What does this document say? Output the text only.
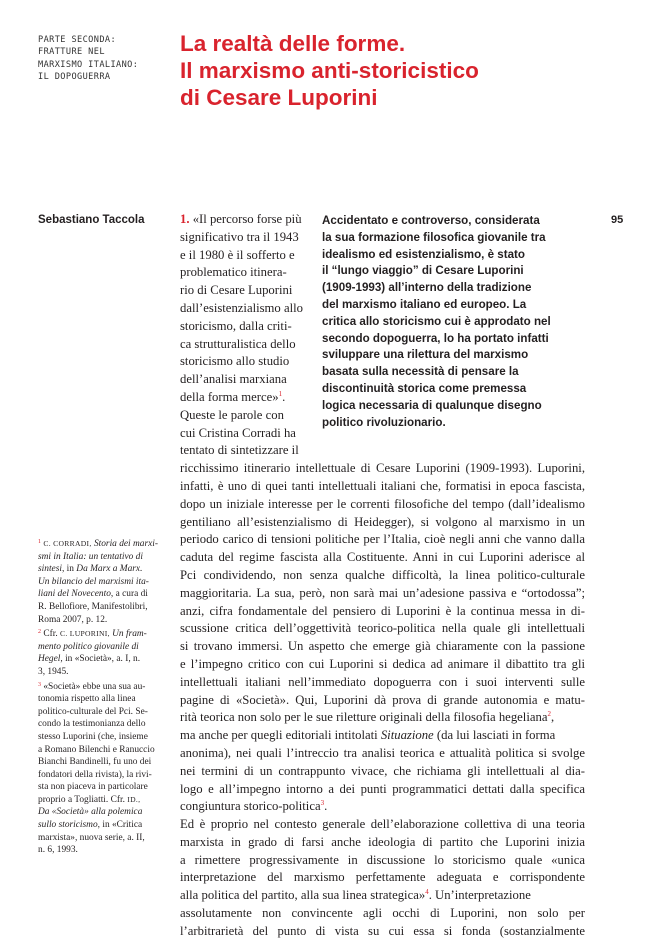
PARTE SECONDA:
FRATTURE NEL
MARXISMO ITALIANO:
IL DOPOGUERRA
La realtà delle forme.
Il marxismo anti-storicistico
di Cesare Luporini
Sebastiano Taccola	95
Accidentato e controverso, considerata
la sua formazione filosofica giovanile tra
idealismo ed esistenzialismo, è stato
il “lungo viaggio” di Cesare Luporini
(1909-1993) all’interno della tradizione
del marxismo italiano ed europeo. La
critica allo storicismo cui è approdato nel
secondo dopoguerra, lo ha portato infatti
sviluppare una rilettura del marxismo
basata sulla necessità di pensare la
discontinuità storica come premessa
logica necessaria di qualunque disegno
politico rivoluzionario.
1. «Il percorso forse più
significativo tra il 1943
e il 1980 è il sofferto e
problematico itinera-
rio di Cesare Luporini
dall’esistenzialismo allo
storicismo, dalla criti-
ca strutturalistica dello
storicismo allo studio
dell’analisi marxiana
della forma merce»$^1$.
Queste le parole con
cui Cristina Corradi ha
tentato di sintetizzare il
ricchissimo itinerario intellettuale di Cesare Luporini (1909-1993). Luporini,
infatti, è uno di quei tanti intellettuali italiani che, formatisi in epoca fascista,
dopo un iniziale interesse per le correnti filosofiche del tempo (dall’idealismo
gentiliano all’esistenzialismo di Heidegger), si volgono al marxismo in un
periodo carico di tensioni politiche per l’Italia, cioè negli anni che vanno dalla
caduta del regime fascista alla Costituente. Anni in cui Luporini aderisce al
Pci condividendo, non senza qualche difficoltà, la linea politico-culturale
maggioritaria. La sua, però, non sarà mai un’adesione passiva e “ortodossa”;
anzi, cifra fondamentale del pensiero di Luporini è la continua messa in di-
scussione critica dell’oggettività teorico-politica nella quale gli intellettuali
si trovano immersi. Un aspetto che emerge già chiaramente con la passione
e l’impegno critico con cui Luporini si dedica ad animare il dibattito tra gli
intellettuali italiani nell’immediato dopoguerra con i suoi interventi sulle
pagine di «Società». Qui, Luporini dà prova di grande autonomia e matu-
rità teorica non solo per le sue riletture originali della filosofia hegeliana$^2$,
ma anche per quegli editoriali intitolati Situazione (da lui lasciati in forma
anonima), nei quali l’intreccio tra analisi teorica e attualità politica si svolge
nei termini di un contrappunto vivace, che richiama gli intellettuali al dia-
logo e all’impegno intorno a dei punti programmatici dettati dalla specifica
congiuntura storico-politica$^3$.
Ed è proprio nel contesto generale dell’elaborazione collettiva di una teoria
marxista in grado di farsi anche ideologia di partito che Luporini inizia
a rimettere progressivamente in discussione lo storicismo quale «unica
interpretazione del marxismo perfettamente adeguata e corrispondente
alla politica del partito, alla sua linea strategica»$^4$. Un’interpretazione
assolutamente non convincente agli occhi di Luporini, non solo per
l’arbitrarietà del punto di vista su cui essa si fonda (sostanzialmente
$^1$ C. CORRADI, Storia dei marxi-
smi in Italia: un tentativo di
sintesi, in Da Marx a Marx.
Un bilancio del marxismi ita-
liani del Novecento, a cura di
R. Bellofiore, Manifestolibri,
Roma 2007, p. 12.
$^2$ Cfr. C. LUPORINI, Un fram-
mento politico giovanile di
Hegel, in «Società», a. I, n.
3, 1945.
$^3$ «Società» ebbe una sua au-
tonomia rispetto alla linea
politico-culturale del Pci. Se-
condo la testimonianza dello
stesso Luporini (che, insieme
a Romano Bilenchi e Ranuccio
Bianchi Bandinelli, fu uno dei
fondatori della rivista), la rivi-
sta non piaceva in particolare
proprio a Togliatti. Cfr. ID.,
Da «Società» alla polemica
sullo storicismo, in «Critica
marxista», nuova serie, a. II,
n. 6, 1993.
